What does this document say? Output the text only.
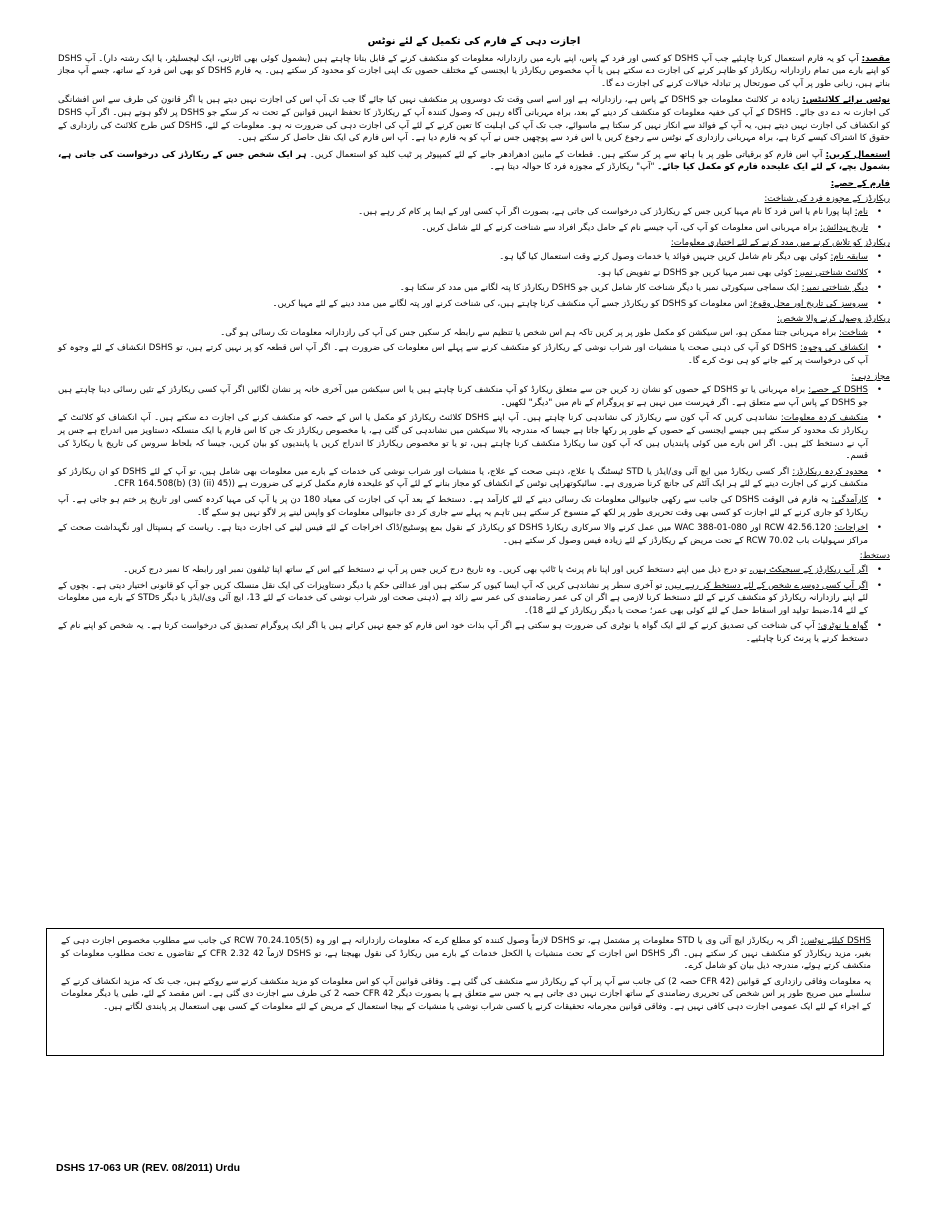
اجازت دہی کے فارم کی تکمیل کے لئے نوٹس

مقصد: آپ کو یہ فارم استعمال کرنا چاہئیے جب آپ DSHS کو کسی اور فرد کے پاس، اپنے بارے میں رازدارانہ معلومات کو منکشف کرنے کے قابل بنانا چاہتے ہیں (بشمول کوئی بھی اٹارنی، ایک لیجسلیٹر، یا ایک رشتہ دار)۔ آپ DSHS کو اپنے بارے میں تمام رازدارانہ ریکارڈز کو ظاہر کرنے کی اجازت دے سکتے ہیں یا آپ مخصوص ریکارڈز یا ایجنسی کے مختلف حصوں تک اپنی اجازت کو محدود کر سکتے ہیں۔ یہ فارم DSHS کو بھی اس فرد کے ساتھ، جسے آپ مجاز بناتے ہیں، زبانی طور پر آپ کی صورتحال پر تبادلہ خیالات کرنے کی اجازت دے گا۔

نوٹس برائے کلائنٹس: زیادہ تر کلائنٹ معلومات جو DSHS کے پاس ہے، رازدارانہ ہے اور اسے اسی وقت تک دوسروں پر منکشف نہیں کیا جائے گا جب تک آپ اس کی اجازت نہیں دیتے ہیں یا اگر قانون کی طرف سے اس افشانگی کی اجازت نہ دے دی جائے۔ DSHS کے آپ کی خفیہ معلومات کو منکشف کر دینے کے بعد، براہ مہربانی آگاہ رہیں کہ وصول کنندہ آپ کے ریکارڈز کا تحفظ انہیں قوانین کے تحت نہ کر سکے جو DSHS پر لاگو ہوتے ہیں۔ اگر آپ DSHS کو انکشاف کی اجازت نہیں دیتے ہیں، یہ آپ کے فوائد سے انکار نہیں کر سکتا ہے ماسوائے، جب تک آپ کی اہلیت کا تعین کرنے کے لئے آپ کی اجازت دہی کی ضرورت نہ ہو۔ معلومات کے لئے، DSHS کس طرح کلائنٹ کی رازداری کے حقوق کا اشتراک کیسے کرتا ہے، براہ مہربانی رازداری کے نوٹس سے رجوع کریں یا اس فرد سے پوچھیں جس نے آپ کو یہ فارم دیا ہے۔ آپ اس فارم کی ایک نقل حاصل کر سکتے ہیں۔

استعمال کریں: آپ اس فارم کو برقیاتی طور پر یا ہاتھ سے پر کر سکتے ہیں۔ قطعات کے مابین ادھرادھر جانے کے لئے کمپیوٹر پر ٹیب کلید کو استعمال کریں۔ ہر ایک شخص جس کے ریکارڈز کی درخواست کی جاتی ہے، بشمول بچے، کے لئے ایک علیحدہ فارم کو مکمل کیا جائے۔ "آپ" ریکارڈز کے مجوزہ فرد کا حوالہ دیتا ہے۔

فارم کے حصے:
ریکارڈز کے مجوزہ فرد کی شناخت:
• نام: اپنا پورا نام یا اس فرد کا نام مہیا کریں جس کے ریکارڈز کی درخواست کی جاتی ہے، بصورت اگر آپ کسی اور کے ایما پر کام کر رہے ہیں۔
• تاریخ پیدائش: براہ مہربانی اس معلومات کو آپ کی، آپ جیسے نام کے حامل دیگر افراد سے شناخت کرنے کے لئے شامل کریں۔
ریکارڈز کو تلاش کرنے میں مدد کرنے کے لئے اختیاری معلومات:
• سابقہ نام: کوئی بھی دیگر نام شامل کریں جنہیں فوائد یا خدمات وصول کرتے وقت استعمال کیا گیا ہو۔
• کلائنٹ شناختی نمبر: کوئی بھی نمبر مہیا کریں جو DSHS نے تفویض کیا ہو۔
• دیگر شناختی نمبر: ایک سماجی سیکورٹی نمبر یا دیگر شناخت کار شامل کریں جو DSHS ریکارڈز کا پتہ لگانے میں مدد کر سکتا ہو۔
• سروسز کی تاریخ اور محل وقوع: اس معلومات کو DSHS کو ریکارڈز جسے آپ منکشف کرنا چاہتے ہیں، کی شناخت کرنے اور پتہ لگانے میں مدد دینے کے لئے مہیا کریں۔
ریکارڈز وصول کرنے والا شخص:
• شناخت: براہ مہربانی جتنا ممکن ہو، اس سیکشن کو مکمل طور پر پر کریں تاکہ ہم اس شخص یا تنظیم سے رابطہ کر سکیں جس کی آپ کی رازدارانہ معلومات تک رسائی ہو گی۔
• انکشاف کی وجوہ: DSHS کو آپ کی ذہنی صحت یا منشیات اور شراب نوشی کے ریکارڈز کو منکشف کرنے سے پہلے اس معلومات کی ضرورت ہے۔ اگر آپ اس قطعہ کو پر نہیں کرتے ہیں، تو DSHS انکشاف کے لئے وجوہ کو آپ کی درخواست پر کیے جانے کو ہی نوٹ کرے گا۔
مجاز دہی:
• DSHS کے حصے: براہ مہربانی یا تو DSHS کے حصوں کو نشان زد کریں جن سے متعلق ریکارڈ کو آپ منکشف کرنا چاہتے ہیں یا اس سیکشن میں آخری خانہ پر نشان لگائیں اگر آپ کسی ریکارڈز کے تئیں رسائی دینا چاہتے ہیں جو DSHS کے پاس آپ سے متعلق ہے۔ اگر فہرست میں نہیں ہے تو پروگرام کے نام میں "دیگر" لکھیں۔
• منکشف کردہ معلومات: نشاندہی کریں کہ آپ کون سے ریکارڈز کی نشاندہی کرنا چاہتے ہیں۔ آپ اپنے DSHS کلائنٹ ریکارڈز کو مکمل یا اس کے حصہ کو منکشف کرنے کی اجازت دے سکتے ہیں۔ آپ انکشاف کو کلائنٹ کے ریکارڈز تک محدود کر سکتے ہیں جیسے ایجنسی کے حصوں کے طور پر رکھا جاتا ہے جیسا کہ مندرجہ بالا سیکشن میں نشاندہی کی گئی ہے، یا مخصوص ریکارڈز تک جن کا اس فارم یا ایک منسلکہ دستاویز میں اندراج ہے جس پر آپ نے دستخط کئے ہیں۔ اگر اس بارے میں کوئی پابندیاں ہیں کہ آپ کون سا ریکارڈ منکشف کرنا چاہتے ہیں، تو یا تو مخصوص ریکارڈز کا اندراج کریں یا پابندیوں کو بیان کریں، جیسا کہ بلحاظ سروس کی تاریخ یا ریکارڈ کی قسم۔
• محدود کردہ ریکارڈز: اگر کسی ریکارڈ میں ایچ آئی وی/ایڈز یا STD ٹیسٹنگ یا علاج، ذہنی صحت کے علاج، یا منشیات اور شراب نوشی کی خدمات کے بارے میں معلومات بھی شامل ہیں، تو آپ کے لئے DSHS کو ان ریکارڈز کو منکشف کرنے کی اجازت دینے کے لئے ہر ایک آئٹم کی جانچ کرنا ضروری ہے۔ سائیکوتھراپی نوٹس کے انکشاف کو مجاز بنانے کے لئے آپ کو علیحدہ فارم مکمل کرنے کی ضرورت ہے ((45 CFR 164.508(b) (3) (ii)۔
• کارآمدگی: یہ فارم فی الوقت DSHS کی جانب سے رکھی جانیوالی معلومات تک رسائی دینے کے لئے کارآمد ہے۔ دستخط کے بعد آپ کی اجازت کی معیاد 180 دن پر یا آپ کی مہیا کردہ کسی اور تاریخ پر ختم ہو جاتی ہے۔ آپ ریکارڈ کو جاری کرنے کے لئے اجازت کو کسی بھی وقت تحریری طور پر لکھ کے منسوخ کر سکتے ہیں تاہم یہ پہلے سے جاری کر دی جانیوالی معلومات کو واپس لینے پر لاگو نہیں ہو سکے گا۔
• اخراجات: RCW 42.56.120 اور WAC 388-01-080 میں عمل کرنے والا سرکاری ریکارڈ DSHS کو ریکارڈز کے نقول بمع پوسٹیج/ڈاک اخراجات کے لئے فیس لینے کی اجازت دیتا ہے۔ ریاست کے ہسپتال اور نگہداشت صحت کے مراکز سہولیات باب RCW 70.02 کے تحت مریض کے ریکارڈز کے لئے زیادہ فیس وصول کر سکتے ہیں۔
دستخط:
• اگر آپ ریکارڈز کے سبجیکٹ ہیں، تو درج ذیل میں اپنے دستخط کریں اور اپنا نام پرنٹ یا ٹائپ بھی کریں۔ وہ تاریخ درج کریں جس پر آپ نے دستخط کیے اس کے ساتھ اپنا ٹیلفون نمبر اور رابطہ کا نمبر درج کریں۔
• اگر آپ کسی دوسرے شخص کے لئے دستخط کر رہے ہیں، تو آخری سطر پر نشاندہی کریں کہ آپ ایسا کیوں کر سکتے ہیں اور عدالتی حکم یا دیگر دستاویزات کی ایک نقل منسلک کریں جو آپ کو قانونی اختیار دیتی ہے۔ بچوں کے لئے اپنے رازدارانہ ریکارڈز کو منکشف کرنے کے لئے دستخط کرنا لازمی ہے اگر ان کی عمر رضامندی کی عمر سے زائد ہے (ذہنی صحت اور شراب نوشی کی خدمات کے لئے 13، ایچ آئی وی/ایڈز یا دیگر STDs کے بارے میں معلومات کے لئے 14،ضبط تولید اور اسقاط حمل کے لئے کوئی بھی عمر؛ صحت یا دیگر ریکارڈز کے لئے 18)۔
• گواہ یا نوٹری: آپ کی شناخت کی تصدیق کرنے کے لئے ایک گواہ یا نوٹری کی ضرورت ہو سکتی ہے اگر آپ بذات خود اس فارم کو جمع نہیں کراتے ہیں یا اگر ایک پروگرام تصدیق کی درخواست کرتا ہے۔ یہ شخص کو اپنے نام کے دستخط کرنے یا پرنٹ کرنا چاہئیے۔

DSHS کیلئے نوٹس: اگر یہ ریکارڈز ایچ آئی وی یا STD معلومات پر مشتمل ہے، تو DSHS لازماً وصول کنندہ کو مطلع کرے کہ معلومات رازدارانہ ہے اور وہ (RCW 70.24.105(5 کی جانب سے مطلوب مخصوص اجازت دہی کے بغیر، مزید ریکارڈز کو منکشف نہیں کر سکتے ہیں۔ اگر DSHS اس اجازت کے تحت منشیات یا الکحل خدمات کے بارے میں ریکارڈ کی نقول بھیجتا ہے، تو DSHS لازماً 42 CFR 2.32 کے تقاضوں ے تحت مطلوب معلومات کو منکشف کرتے ہوئے، مندرجہ ذیل بیان کو شامل کرے۔

یہ معلومات وفاقی رازداری کے قوانین (42 CFR حصہ 2) کی جانب سے آپ پر آپ کے ریکارڈز سے منکشف کی گئی ہے۔ وفاقی قوانین آپ کو اس معلومات کو مزید منکشف کرنے سے روکتے ہیں، جب تک کہ مزید انکشاف کرنے کے سلسلے میں صریح طور پر اس شخص کی تحریری رضامندی کے ساتھ اجازت نہیں دی جاتی ہے یہ جس سے متعلق ہے یا بصورت دیگر 42 CFR حصہ 2 کی طرف سے اجازت دی گئی ہے۔ اس مقصد کے لئے، طبی یا دیگر معلومات کے اجراء کے لئے ایک عمومی اجازت دہی کافی نہیں ہے۔ وفاقی قوانین مجرمانہ تحقیقات کرنے یا کسی شراب نوشی یا منشیات کے بیجا استعمال کے مریض کے لئے معلومات کے کسی بھی استعمال پر پابندی لگاتے ہیں۔

DSHS 17-063 UR (REV. 08/2011) Urdu
